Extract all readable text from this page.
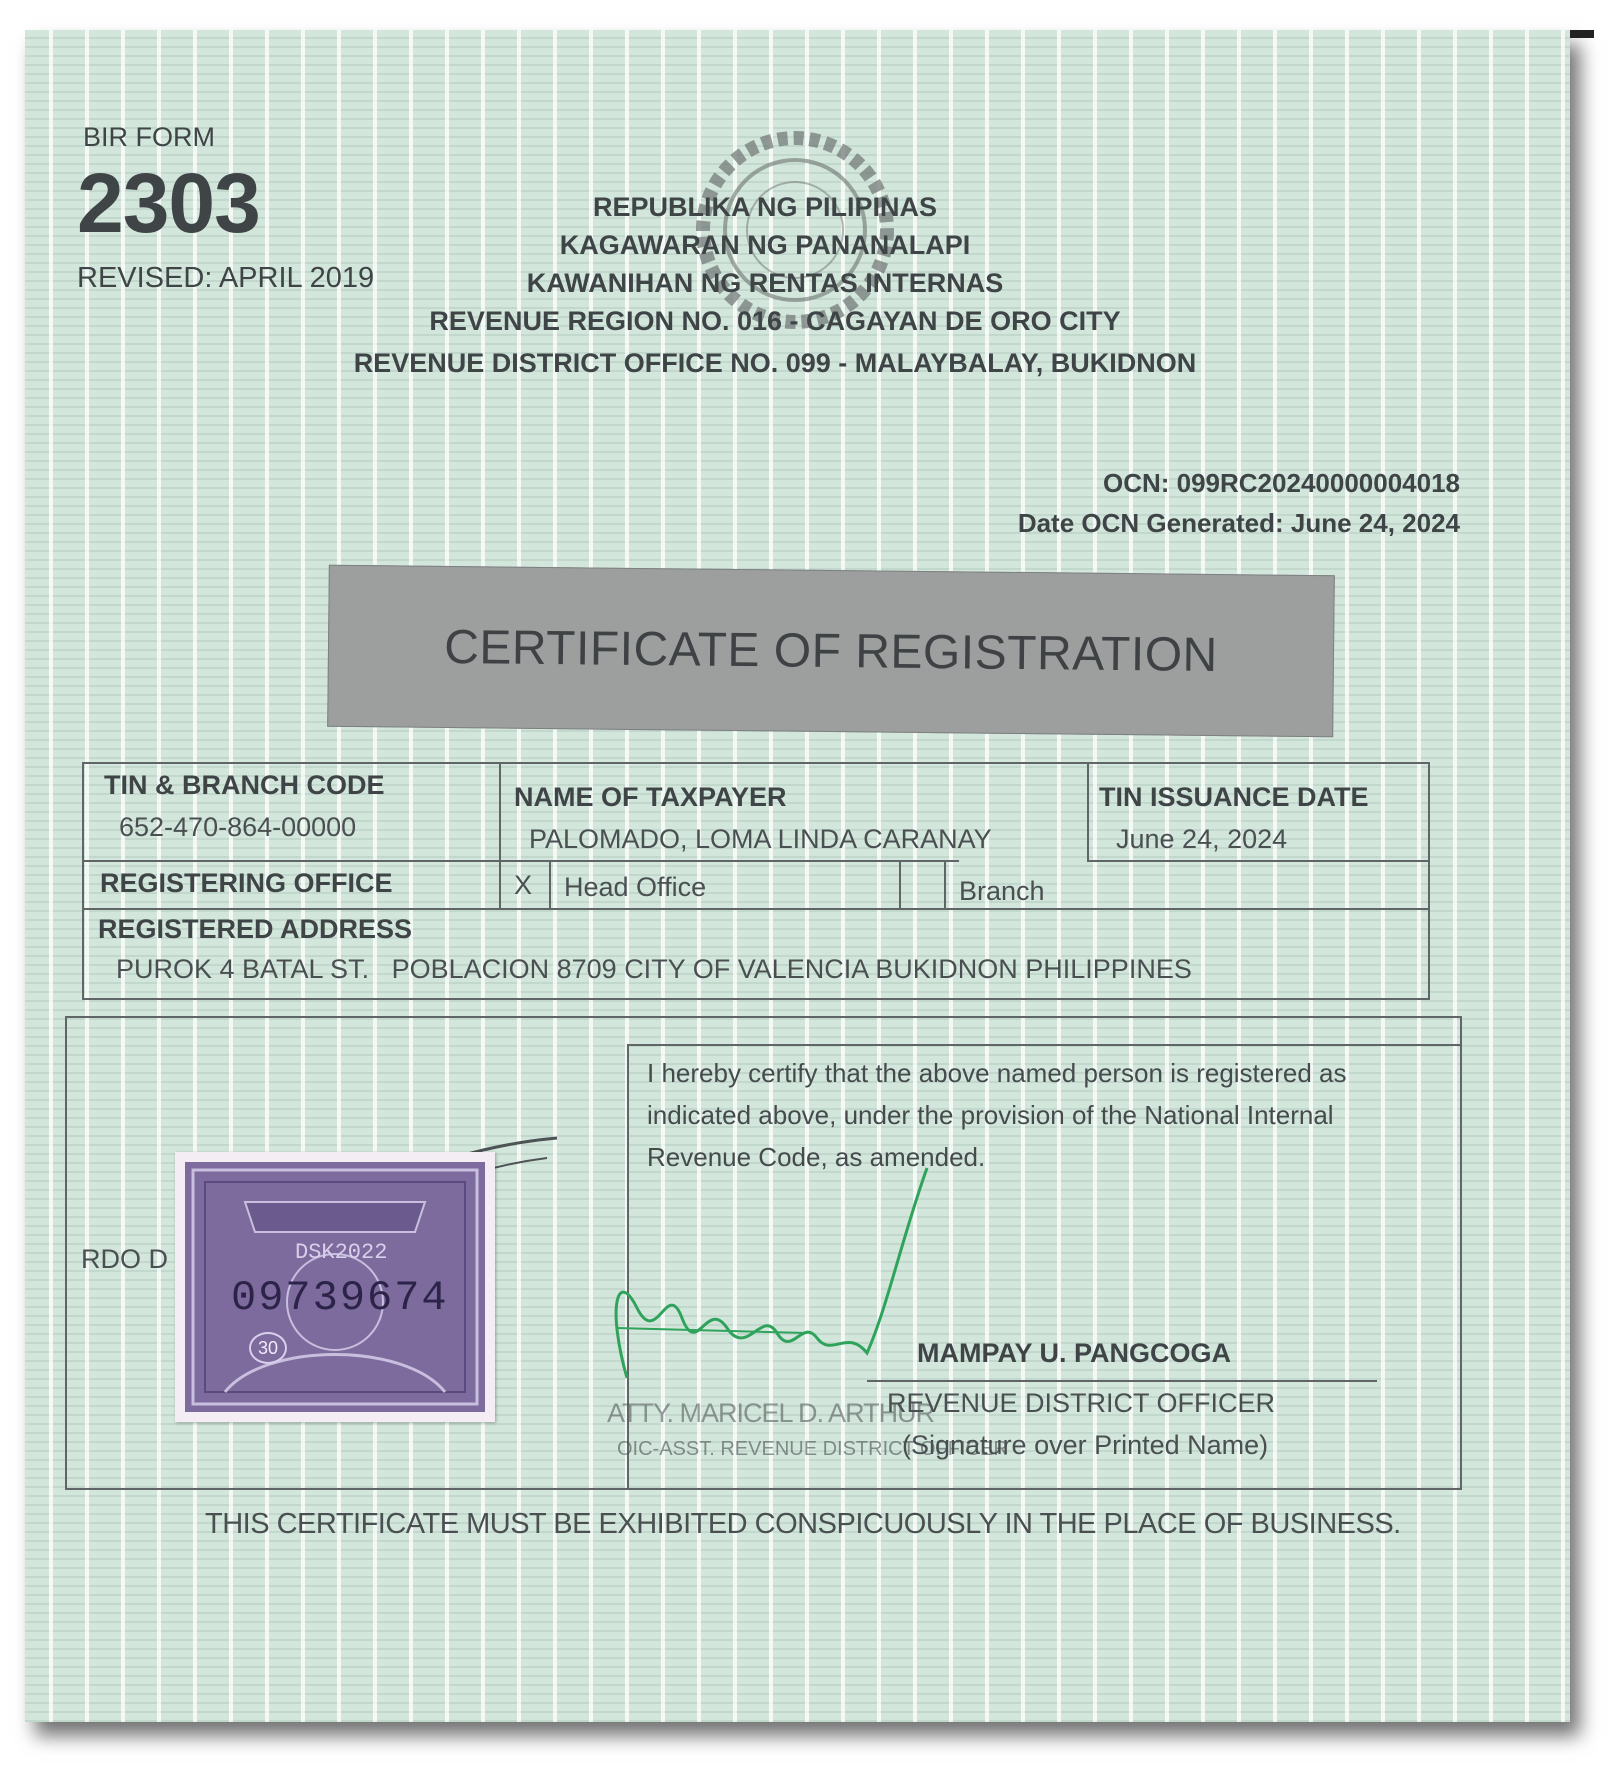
BIR FORM
2303
REVISED: APRIL 2019
REPUBLIKA NG PILIPINAS
KAGAWARAN NG PANANALAPI
KAWANIHAN NG RENTAS INTERNAS
REVENUE REGION NO. 016 - CAGAYAN DE ORO CITY
REVENUE DISTRICT OFFICE NO. 099 - MALAYBALAY, BUKIDNON
OCN: 099RC20240000004018
Date OCN Generated: June 24, 2024
CERTIFICATE OF REGISTRATION
TIN & BRANCH CODE
652-470-864-00000
NAME OF TAXPAYER
PALOMADO, LOMA LINDA CARANAY
TIN ISSUANCE DATE
June 24, 2024
REGISTERING OFFICE	X Head Office	Branch
REGISTERED ADDRESS
PUROK 4 BATAL ST.   POBLACION 8709 CITY OF VALENCIA BUKIDNON PHILIPPINES
I hereby certify that the above named person is registered as indicated above, under the provision of the National Internal Revenue Code, as amended.
RDO D
MAMPAY U. PANGCOGA
REVENUE DISTRICT OFFICER
(Signature over Printed Name)
ATTY. MARICEL D. ARTHUR
OIC-ASST. REVENUE DISTRICT OFFICER
DSK2022
09739674
30
THIS CERTIFICATE MUST BE EXHIBITED CONSPICUOUSLY IN THE PLACE OF BUSINESS.
